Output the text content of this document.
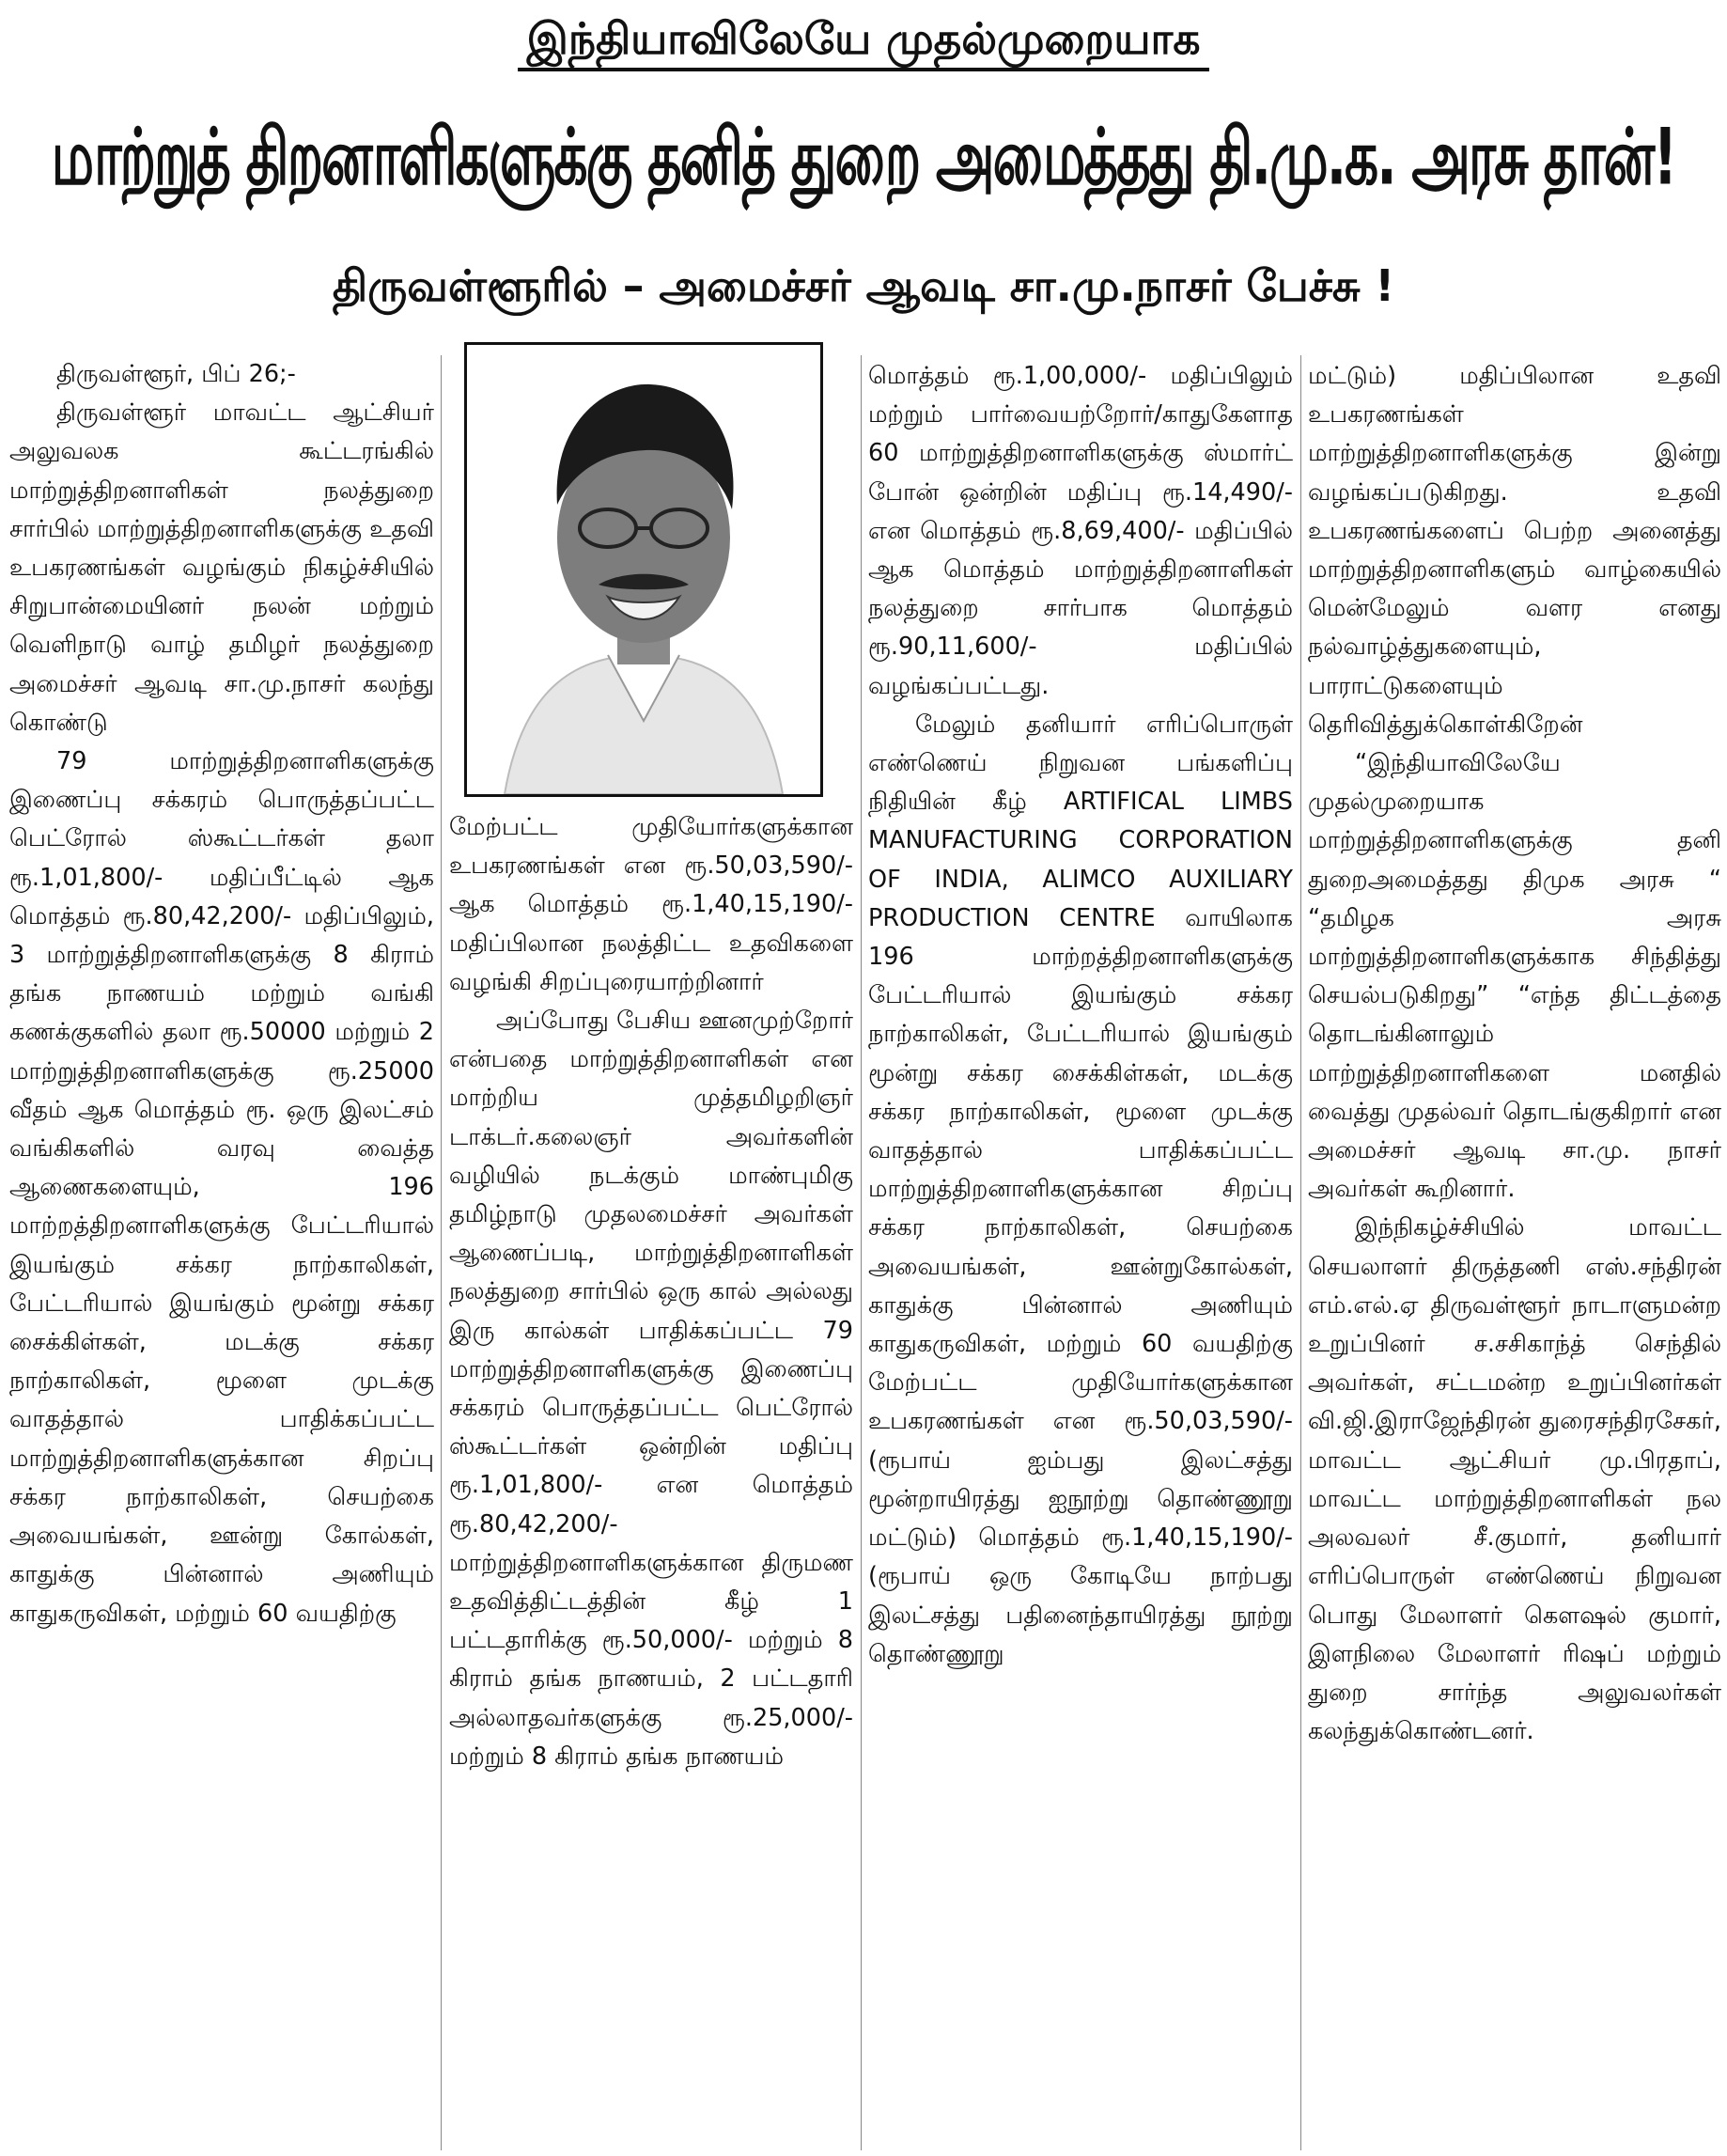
இந்தியாவிலேயே முதல்முறையாக
மாற்றுத் திறனாளிகளுக்கு தனித் துறை அமைத்தது தி.மு.க. அரசு தான்!
திருவள்ளூரில் – அமைச்சர் ஆவடி சா.மு.நாசர் பேச்சு !

திருவள்ளூர், பிப் 26;-

திருவள்ளூர் மாவட்ட ஆட்சியர் அலுவலக கூட்டரங்கில் மாற்றுத்திறனாளிகள் நலத்துறை சார்பில் மாற்றுத்திறனாளிகளுக்கு உதவி உபகரணங்கள் வழங்கும் நிகழ்ச்சியில் சிறுபான்மையினர் நலன் மற்றும் வெளிநாடு வாழ் தமிழர் நலத்துறை அமைச்சர் ஆவடி சா.மு.நாசர் கலந்து கொண்டு

79 மாற்றுத்திறனாளிகளுக்கு இணைப்பு சக்கரம் பொருத்தப்பட்ட பெட்ரோல் ஸ்கூட்டர்கள் தலா ரூ.1,01,800/- மதிப்பீட்டில் ஆக மொத்தம் ரூ.80,42,200/- மதிப்பிலும், 3 மாற்றுத்திறனாளிகளுக்கு 8 கிராம் தங்க நாணயம் மற்றும் வங்கி கணக்குகளில் தலா ரூ.50000 மற்றும் 2 மாற்றுத்திறனாளிகளுக்கு ரூ.25000 வீதம் ஆக மொத்தம் ரூ. ஒரு இலட்சம் வங்கிகளில் வரவு வைத்த ஆணைகளையும், 196 மாற்றத்திறனாளிகளுக்கு பேட்டரியால் இயங்கும் சக்கர நாற்காலிகள், பேட்டரியால் இயங்கும் மூன்று சக்கர சைக்கிள்கள், மடக்கு சக்கர நாற்காலிகள், மூளை முடக்கு வாதத்தால் பாதிக்கப்பட்ட மாற்றுத்திறனாளிகளுக்கான சிறப்பு சக்கர நாற்காலிகள், செயற்கை அவையங்கள், ஊன்று கோல்கள், காதுக்கு பின்னால் அணியும் காதுகருவிகள், மற்றும் 60 வயதிற்கு

மேற்பட்ட முதியோர்களுக்கான உபகரணங்கள் என ரூ.50,03,590/- ஆக மொத்தம் ரூ.1,40,15,190/- மதிப்பிலான நலத்திட்ட உதவிகளை வழங்கி சிறப்புரையாற்றினார்

அப்போது பேசிய ஊனமுற்றோர் என்பதை மாற்றுத்திறனாளிகள் என மாற்றிய முத்தமிழறிஞர் டாக்டர்.கலைஞர் அவர்களின் வழியில் நடக்கும் மாண்புமிகு தமிழ்நாடு முதலமைச்சர் அவர்கள் ஆணைப்படி, மாற்றுத்திறனாளிகள் நலத்துறை சார்பில் ஒரு கால் அல்லது இரு கால்கள் பாதிக்கப்பட்ட 79 மாற்றுத்திறனாளிகளுக்கு இணைப்பு சக்கரம் பொருத்தப்பட்ட பெட்ரோல் ஸ்கூட்டர்கள் ஒன்றின் மதிப்பு ரூ.1,01,800/- என மொத்தம் ரூ.80,42,200/- மாற்றுத்திறனாளிகளுக்கான திருமண உதவித்திட்டத்தின் கீழ் 1 பட்டதாரிக்கு ரூ.50,000/- மற்றும் 8 கிராம் தங்க நாணயம், 2 பட்டதாரி அல்லாதவர்களுக்கு ரூ.25,000/- மற்றும் 8 கிராம் தங்க நாணயம்

மொத்தம் ரூ.1,00,000/- மதிப்பிலும் மற்றும் பார்வையற்றோர்/காதுகேளாத 60 மாற்றுத்திறனாளிகளுக்கு ஸ்மார்ட் போன் ஒன்றின் மதிப்பு ரூ.14,490/- என மொத்தம் ரூ.8,69,400/- மதிப்பில் ஆக மொத்தம் மாற்றுத்திறனாளிகள் நலத்துறை சார்பாக மொத்தம் ரூ.90,11,600/- மதிப்பில் வழங்கப்பட்டது.

மேலும் தனியார் எரிப்பொருள் எண்ணெய் நிறுவன பங்களிப்பு நிதியின் கீழ் ARTIFICAL LIMBS MANUFACTURING CORPORATION OF INDIA, ALIMCO AUXILIARY PRODUCTION CENTRE வாயிலாக 196 மாற்றத்திறனாளிகளுக்கு பேட்டரியால் இயங்கும் சக்கர நாற்காலிகள், பேட்டரியால் இயங்கும் மூன்று சக்கர சைக்கிள்கள், மடக்கு சக்கர நாற்காலிகள், மூளை முடக்கு வாதத்தால் பாதிக்கப்பட்ட மாற்றுத்திறனாளிகளுக்கான சிறப்பு சக்கர நாற்காலிகள், செயற்கை அவையங்கள், ஊன்றுகோல்கள், காதுக்கு பின்னால் அணியும் காதுகருவிகள், மற்றும் 60 வயதிற்கு மேற்பட்ட முதியோர்களுக்கான உபகரணங்கள் என ரூ.50,03,590/- (ரூபாய் ஐம்பது இலட்சத்து மூன்றாயிரத்து ஐநூற்று தொண்ணூறு மட்டும்) மொத்தம் ரூ.1,40,15,190/- (ரூபாய் ஒரு கோடியே நாற்பது இலட்சத்து பதினைந்தாயிரத்து நூற்று தொண்ணூறு

மட்டும்) மதிப்பிலான உதவி உபகரணங்கள் மாற்றுத்திறனாளிகளுக்கு இன்று வழங்கப்படுகிறது. உதவி உபகரணங்களைப் பெற்ற அனைத்து மாற்றுத்திறனாளிகளும் வாழ்கையில் மென்மேலும் வளர எனது நல்வாழ்த்துகளையும், பாராட்டுகளையும் தெரிவித்துக்கொள்கிறேன்

“இந்தியாவிலேயே முதல்முறையாக மாற்றுத்திறனாளிகளுக்கு தனி துறைஅமைத்தது திமுக அரசு “ “தமிழக அரசு மாற்றுத்திறனாளிகளுக்காக சிந்தித்து செயல்படுகிறது” “எந்த திட்டத்தை தொடங்கினாலும் மாற்றுத்திறனாளிகளை மனதில் வைத்து முதல்வர் தொடங்குகிறார் என அமைச்சர் ஆவடி சா.மு. நாசர் அவர்கள் கூறினார்.

இந்நிகழ்ச்சியில் மாவட்ட செயலாளர் திருத்தணி எஸ்.சந்திரன் எம்.எல்.ஏ திருவள்ளூர் நாடாளுமன்ற உறுப்பினர் ச.சசிகாந்த் செந்தில் அவர்கள், சட்டமன்ற உறுப்பினர்கள் வி.ஜி.இராஜேந்திரன் துரைசந்திரசேகர், மாவட்ட ஆட்சியர் மு.பிரதாப், மாவட்ட மாற்றுத்திறனாளிகள் நல அலவலர் சீ.குமார், தனியார் எரிப்பொருள் எண்ணெய் நிறுவன பொது மேலாளர் கௌஷல் குமார், இளநிலை மேலாளர் ரிஷப் மற்றும் துறை சார்ந்த அலுவலர்கள் கலந்துக்கொண்டனர்.
